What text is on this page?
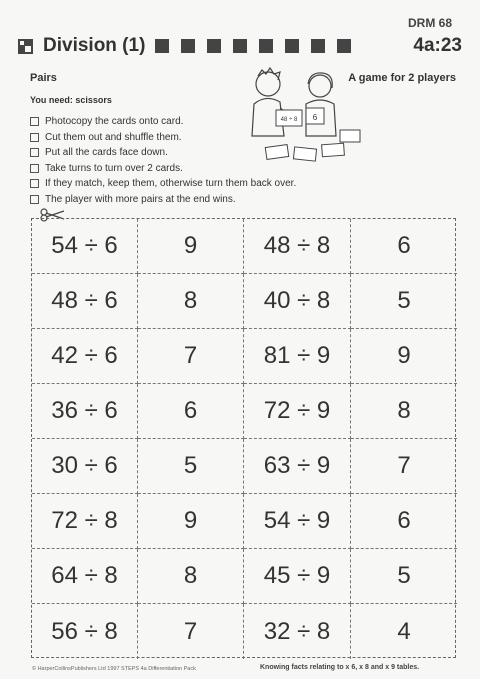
DRM 68
Division (1)	4a:23
Pairs	A game for 2 players
You need: scissors
Photocopy the cards onto card.
Cut them out and shuffle them.
Put all the cards face down.
Take turns to turn over 2 cards.
If they match, keep them, otherwise turn them back over.
The player with more pairs at the end wins.
48 ÷ 8 6
54 ÷ 6	9	48 ÷ 8	6
48 ÷ 6	8	40 ÷ 8	5
42 ÷ 6	7	81 ÷ 9	9
36 ÷ 6	6	72 ÷ 9	8
30 ÷ 6	5	63 ÷ 9	7
72 ÷ 8	9	54 ÷ 9	6
64 ÷ 8	8	45 ÷ 9	5
56 ÷ 8	7	32 ÷ 8	4
© HarperCollinsPublishers Ltd 1997 STEPS 4a Differentiation Pack	Knowing facts relating to x 6, x 8 and x 9 tables.
